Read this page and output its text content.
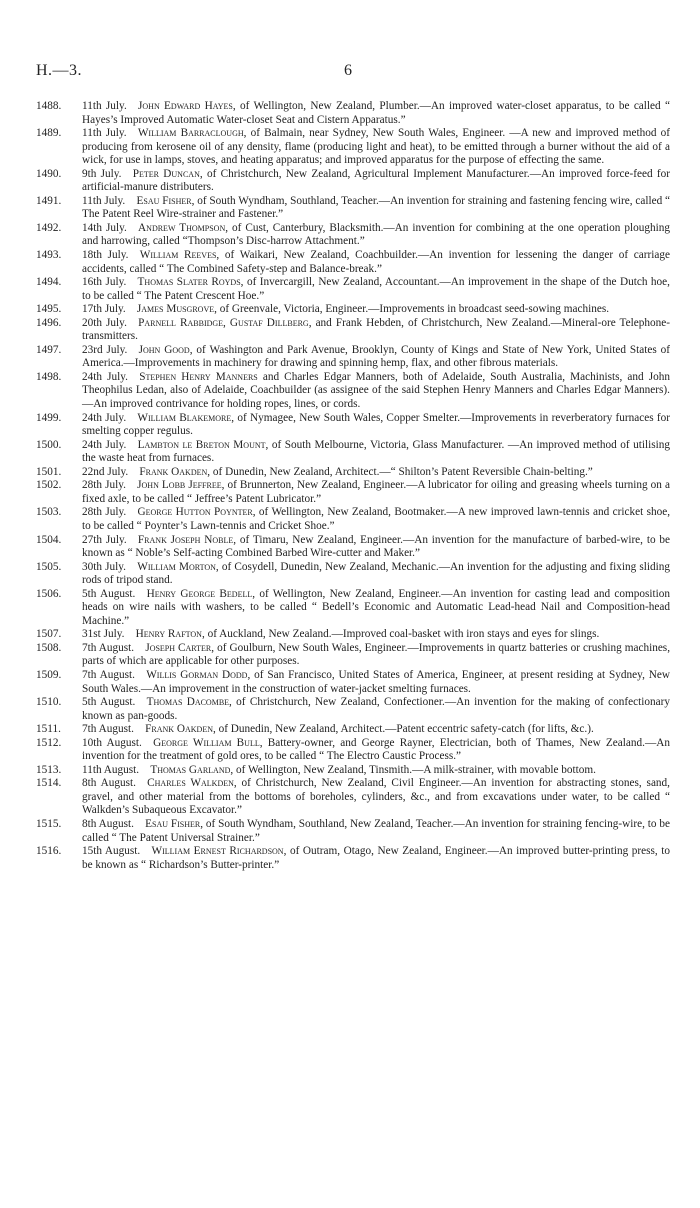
H.—3.	6

1488.	11th July.  John Edward Hayes, of Wellington, New Zealand, Plumber.—An improved water-closet apparatus, to be called “ Hayes’s Improved Automatic Water-closet Seat and Cistern Apparatus.”

1489.	11th July.  William Barraclough, of Balmain, near Sydney, New South Wales, Engineer. —A new and improved method of producing from kerosene oil of any density, flame (producing light and heat), to be emitted through a burner without the aid of a wick, for use in lamps, stoves, and heating apparatus; and improved apparatus for the purpose of effecting the same.

1490.	9th July.  Peter Duncan, of Christchurch, New Zealand, Agricultural Implement Manufacturer.—An improved force-feed for artificial-manure distributers.

1491.	11th July.  Esau Fisher, of South Wyndham, Southland, Teacher.—An invention for straining and fastening fencing wire, called “ The Patent Reel Wire-strainer and Fastener.”

1492.	14th July.  Andrew Thompson, of Cust, Canterbury, Blacksmith.—An invention for combining at the one operation ploughing and harrowing, called “Thompson’s Disc-harrow Attachment.”

1493.	18th July.  William Reeves, of Waikari, New Zealand, Coachbuilder.—An invention for lessening the danger of carriage accidents, called “ The Combined Safety-step and Balance-break.”

1494.	16th July.  Thomas Slater Royds, of Invercargill, New Zealand, Accountant.—An improvement in the shape of the Dutch hoe, to be called “ The Patent Crescent Hoe.”

1495.	17th July.  James Musgrove, of Greenvale, Victoria, Engineer.—Improvements in broadcast seed-sowing machines.

1496.	20th July.  Parnell Rabbidge, Gustaf Dillberg, and Frank Hebden, of Christchurch, New Zealand.—Mineral-ore Telephone-transmitters.

1497.	23rd July.  John Good, of Washington and Park Avenue, Brooklyn, County of Kings and State of New York, United States of America.—Improvements in machinery for drawing and spinning hemp, flax, and other fibrous materials.

1498.	24th July.  Stephen Henry Manners and Charles Edgar Manners, both of Adelaide, South Australia, Machinists, and John Theophilus Ledan, also of Adelaide, Coachbuilder (as assignee of the said Stephen Henry Manners and Charles Edgar Manners).—An improved contrivance for holding ropes, lines, or cords.

1499.	24th July.  William Blakemore, of Nymagee, New South Wales, Copper Smelter.—Improvements in reverberatory furnaces for smelting copper regulus.

1500.	24th July.  Lambton le Breton Mount, of South Melbourne, Victoria, Glass Manufacturer. —An improved method of utilising the waste heat from furnaces.

1501.	22nd July.  Frank Oakden, of Dunedin, New Zealand, Architect.—“ Shilton’s Patent Reversible Chain-belting.”

1502.	28th July.  John Lobb Jeffree, of Brunnerton, New Zealand, Engineer.—A lubricator for oiling and greasing wheels turning on a fixed axle, to be called “ Jeffree’s Patent Lubricator.”

1503.	28th July.  George Hutton Poynter, of Wellington, New Zealand, Bootmaker.—A new improved lawn-tennis and cricket shoe, to be called “ Poynter’s Lawn-tennis and Cricket Shoe.”

1504.	27th July.  Frank Joseph Noble, of Timaru, New Zealand, Engineer.—An invention for the manufacture of barbed-wire, to be known as “ Noble’s Self-acting Combined Barbed Wire-cutter and Maker.”

1505.	30th July.  William Morton, of Cosydell, Dunedin, New Zealand, Mechanic.—An invention for the adjusting and fixing sliding rods of tripod stand.

1506.	5th August.  Henry George Bedell, of Wellington, New Zealand, Engineer.—An invention for casting lead and composition heads on wire nails with washers, to be called “ Bedell’s Economic and Automatic Lead-head Nail and Composition-head Machine.”

1507.	31st July.  Henry Rafton, of Auckland, New Zealand.—Improved coal-basket with iron stays and eyes for slings.

1508.	7th August.  Joseph Carter, of Goulburn, New South Wales, Engineer.—Improvements in quartz batteries or crushing machines, parts of which are applicable for other purposes.

1509.	7th August.  Willis Gorman Dodd, of San Francisco, United States of America, Engineer, at present residing at Sydney, New South Wales.—An improvement in the construction of water-jacket smelting furnaces.

1510.	5th August.  Thomas Dacombe, of Christchurch, New Zealand, Confectioner.—An invention for the making of confectionary known as pan-goods.

1511.	7th August.  Frank Oakden, of Dunedin, New Zealand, Architect.—Patent eccentric safety-catch (for lifts, &c.).

1512.	10th August.  George William Bull, Battery-owner, and George Rayner, Electrician, both of Thames, New Zealand.—An invention for the treatment of gold ores, to be called “ The Electro Caustic Process.”

1513.	11th August.  Thomas Garland, of Wellington, New Zealand, Tinsmith.—A milk-strainer, with movable bottom.

1514.	8th August.  Charles Walkden, of Christchurch, New Zealand, Civil Engineer.—An invention for abstracting stones, sand, gravel, and other material from the bottoms of boreholes, cylinders, &c., and from excavations under water, to be called “ Walkden’s Subaqueous Excavator.”

1515.	8th August.  Esau Fisher, of South Wyndham, Southland, New Zealand, Teacher.—An invention for straining fencing-wire, to be called “ The Patent Universal Strainer.”

1516.	15th August.  William Ernest Richardson, of Outram, Otago, New Zealand, Engineer.—An improved butter-printing press, to be known as “ Richardson’s Butter-printer.”
